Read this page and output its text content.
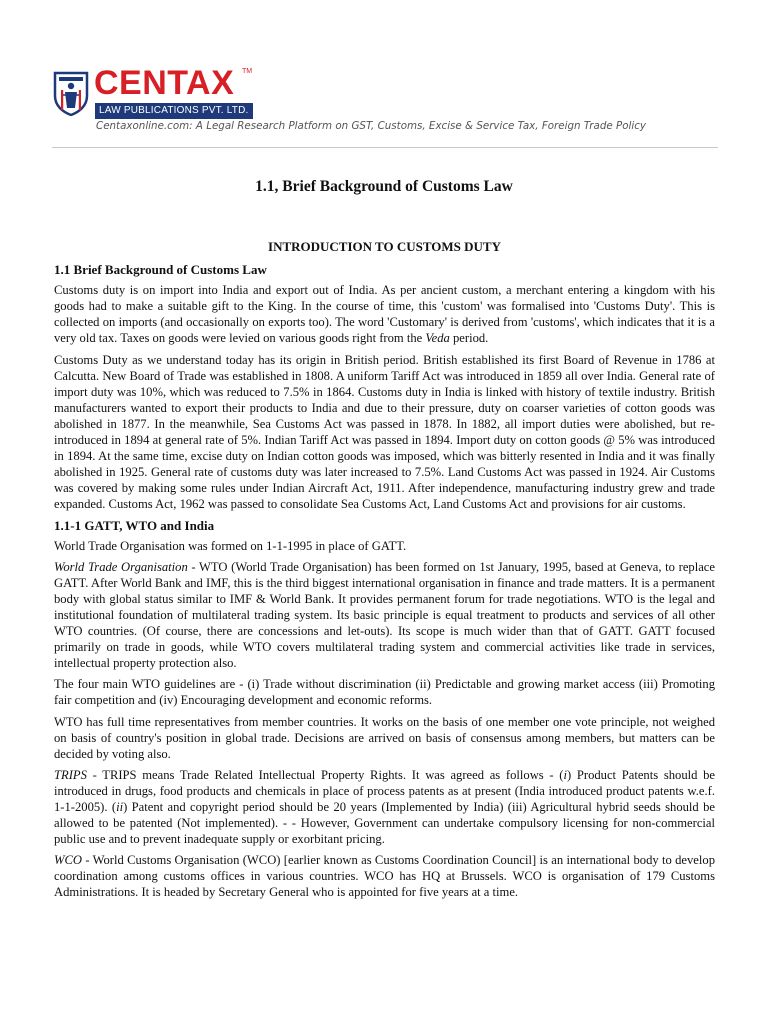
CENTAX TM
LAW PUBLICATIONS PVT. LTD.
Centaxonline.com: A Legal Research Platform on GST, Customs, Excise & Service Tax, Foreign Trade Policy
1.1, Brief Background of Customs Law
INTRODUCTION TO CUSTOMS DUTY
1.1 Brief Background of Customs Law

Customs duty is on import into India and export out of India. As per ancient custom, a merchant entering a kingdom with his goods had to make a suitable gift to the King. In the course of time, this 'custom' was formalised into 'Customs Duty'. This is collected on imports (and occasionally on exports too). The word 'Customary' is derived from 'customs', which indicates that it is a very old tax. Taxes on goods were levied on various goods right from the Veda period.

Customs Duty as we understand today has its origin in British period. British established its first Board of Revenue in 1786 at Calcutta. New Board of Trade was established in 1808. A uniform Tariff Act was introduced in 1859 all over India. General rate of import duty was 10%, which was reduced to 7.5% in 1864. Customs duty in India is linked with history of textile industry. British manufacturers wanted to export their products to India and due to their pressure, duty on coarser varieties of cotton goods was abolished in 1877. In the meanwhile, Sea Customs Act was passed in 1878. In 1882, all import duties were abolished, but re-introduced in 1894 at general rate of 5%. Indian Tariff Act was passed in 1894. Import duty on cotton goods @ 5% was introduced in 1894. At the same time, excise duty on Indian cotton goods was imposed, which was bitterly resented in India and it was finally abolished in 1925. General rate of customs duty was later increased to 7.5%. Land Customs Act was passed in 1924. Air Customs was covered by making some rules under Indian Aircraft Act, 1911. After independence, manufacturing industry grew and trade expanded. Customs Act, 1962 was passed to consolidate Sea Customs Act, Land Customs Act and provisions for air customs.

1.1-1 GATT, WTO and India

World Trade Organisation was formed on 1-1-1995 in place of GATT.

World Trade Organisation - WTO (World Trade Organisation) has been formed on 1st January, 1995, based at Geneva, to replace GATT. After World Bank and IMF, this is the third biggest international organisation in finance and trade matters. It is a permanent body with global status similar to IMF & World Bank. It provides permanent forum for trade negotiations. WTO is the legal and institutional foundation of multilateral trading system. Its basic principle is equal treatment to products and services of all other WTO countries. (Of course, there are concessions and let-outs). Its scope is much wider than that of GATT. GATT focused primarily on trade in goods, while WTO covers multilateral trading system and commercial activities like trade in services, intellectual property protection also.

The four main WTO guidelines are - (i) Trade without discrimination (ii) Predictable and growing market access (iii) Promoting fair competition and (iv) Encouraging development and economic reforms.

WTO has full time representatives from member countries. It works on the basis of one member one vote principle, not weighed on basis of country's position in global trade. Decisions are arrived on basis of consensus among members, but matters can be decided by voting also.

TRIPS - TRIPS means Trade Related Intellectual Property Rights. It was agreed as follows - (i) Product Patents should be introduced in drugs, food products and chemicals in place of process patents as at present (India introduced product patents w.e.f. 1-1-2005). (ii) Patent and copyright period should be 20 years (Implemented by India) (iii) Agricultural hybrid seeds should be allowed to be patented (Not implemented). - - However, Government can undertake compulsory licensing for non-commercial public use and to prevent inadequate supply or exorbitant pricing.

WCO - World Customs Organisation (WCO) [earlier known as Customs Coordination Council] is an international body to develop coordination among customs offices in various countries. WCO has HQ at Brussels. WCO is organisation of 179 Customs Administrations. It is headed by Secretary General who is appointed for five years at a time.
